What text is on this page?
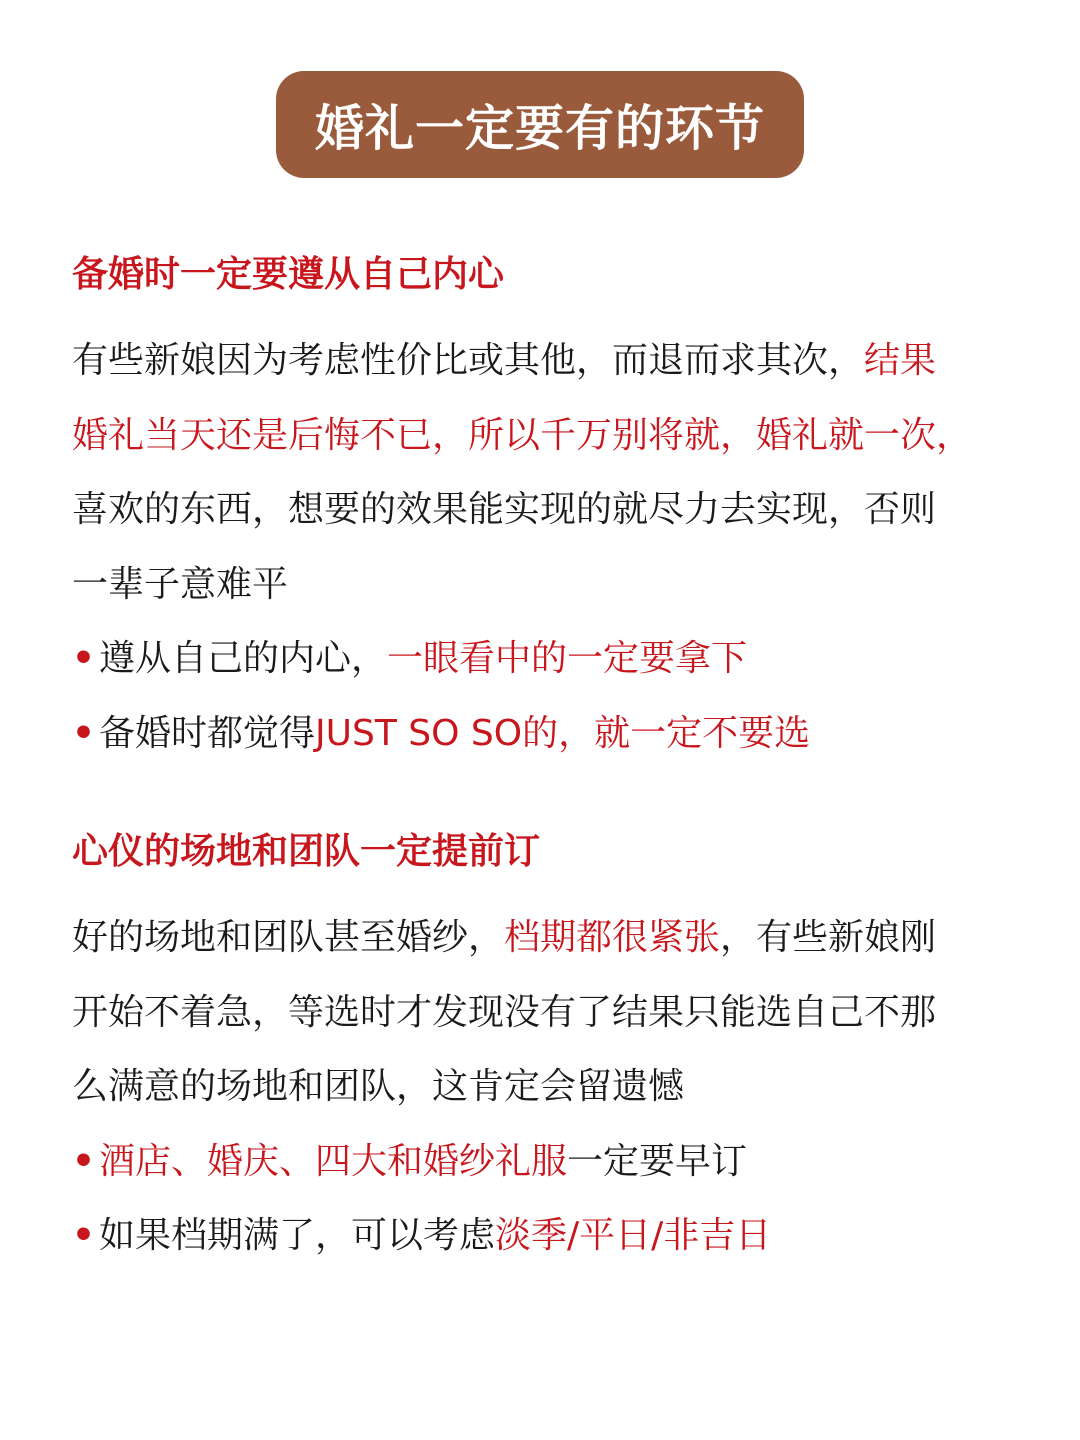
婚礼一定要有的环节
备婚时一定要遵从自己内心
有些新娘因为考虑性价比或其他，而退而求其次，结果
婚礼当天还是后悔不已，所以千万别将就，婚礼就一次，
喜欢的东西，想要的效果能实现的就尽力去实现，否则
一辈子意难平
• 遵从自己的内心，一眼看中的一定要拿下
• 备婚时都觉得JUST SO SO的，就一定不要选
心仪的场地和团队一定提前订
好的场地和团队甚至婚纱，档期都很紧张，有些新娘刚
开始不着急，等选时才发现没有了结果只能选自己不那
么满意的场地和团队，这肯定会留遗憾
• 酒店、婚庆、四大和婚纱礼服一定要早订
• 如果档期满了，可以考虑淡季/平日/非吉日
